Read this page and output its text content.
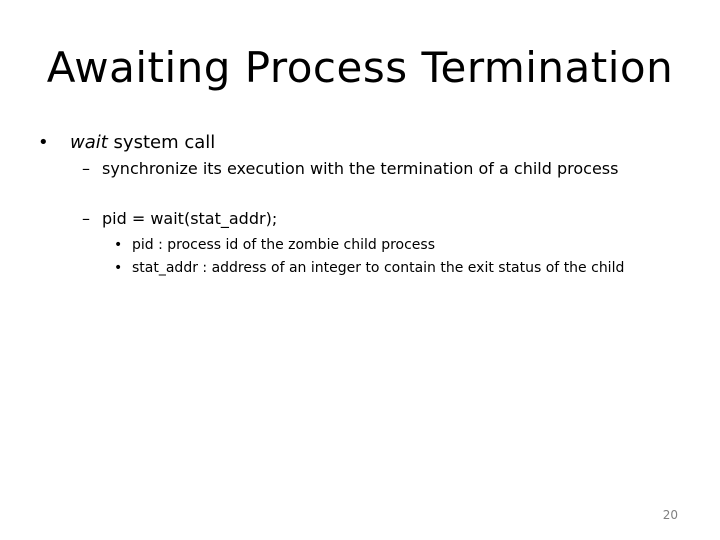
Awaiting Process Termination
• wait system call
– synchronize its execution with the termination of a child process
– pid = wait(stat_addr);
• pid : process id of the zombie child process
• stat_addr : address of an integer to contain the exit status of the child
20
